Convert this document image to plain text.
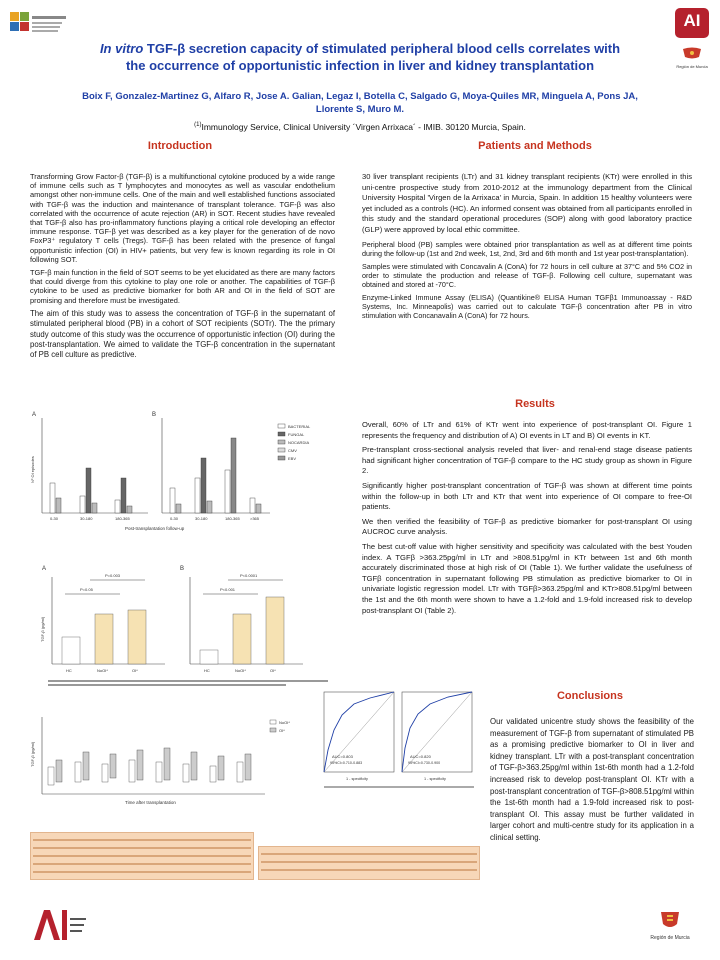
AI
Región de Murcia
In vitro TGF-β secretion capacity of stimulated peripheral blood cells correlates with
the occurrence of opportunistic infection in liver and kidney transplantation
Boix F, Gonzalez-Martinez G, Alfaro R, Jose A. Galian, Legaz I, Botella C, Salgado G, Moya-Quiles MR, Minguela A, Pons JA,
Llorente S, Muro M.
$^{(1)}$Immunology Service, Clinical University ´Virgen Arrixaca´ - IMIB. 30120 Murcia, Spain.
Introduction

Transforming Grow Factor-β (TGF-β) is a multifunctional cytokine produced by a wide range of immune cells such as T lymphocytes and monocytes as well as vascular endothelium amongst other non-immune cells. One of the main and well established functions associated with TGF-β was the induction and maintenance of transplant tolerance. TGF-β was also correlated with the occurrence of acute rejection (AR) in SOT. Recent studies have revealed that TGF-β also has pro-inflammatory functions playing a critical role developing an effector immune response. TGF-β yet was described as a key player for the generation of de novo FoxP3⁺ regulatory T cells (Tregs). TGF-β has been related with the presence of fungal opportunistic infection (OI) in HIV+ patients, but very few is known regarding its role in OI following SOT.

TGF-β main function in the field of SOT seems to be yet elucidated as there are many factors that could diverge from this cytokine to play one role or another. The capabilities of TGF-β cytokine to be used as predictive biomarker for both AR and OI in the field of SOT are promising and therefore must be investigated.

The aim of this study was to assess the concentration of TGF-β in the supernatant of stimulated peripheral blood (PB) in a cohort of SOT recipients (SOTr). The the primary study outcome of this study was the occurrence of opportunistic infection (OI) during the post-transplantation. We aimed to validate the TGF-β concentration in the supernatant of PB cell culture as predictive.

Patients and Methods

30 liver transplant recipients (LTr) and 31 kidney transplant recipients (KTr) were enrolled in this uni-centre prospective study from 2010-2012 at the immunology department from the Clinical University Hospital 'Virgen de la Arrixaca' in Murcia, Spain. In addition 15 healthy volunteers were yet included as a controls (HC). An informed consent was obtained from all participants enrolled in this study and the standard operational procedures (SOP) along with good laboratory practice (GLP) were approved by local ethic committee.

Peripheral blood (PB) samples were obtained prior transplantation as well as at different time points during the follow-up (1st and 2nd week, 1st, 2nd, 3rd and 6th month and 1st year post-transplantation).

Samples were stimulated with Concavalin A (ConA) for 72 hours in cell culture at 37°C and 5% CO2 in order to stimulate the production and release of TGF-β. Following cell culture, supernatant was obtained and stored at -70°C.

Enzyme-Linked Immune Assay (ELISA) (Quantikine® ELISA Human TGFβ1 Immunoassay - R&D Systems, Inc. Minneapolis) was carried out to calculate TGF-β concentration after PB in vitro stimulation with Concanavalin A (ConA) for 72 hours.

Results

Overall, 60% of LTr and 61% of KTr went into experience of post-transplant OI. Figure 1 represents the frequency and distribution of A) OI events in LT and B) OI events in KT.

Pre-transplant cross-sectional analysis reveled that liver- and renal-end stage disease patients had significant higher concentration of TGF-β compare to the HC study group as shown in Figure 2.

Significantly higher post-transplant concentration of TGF-β was shown at different time points within the follow-up in both LTr and KTr that went into experience of OI compare to free-OI patients.

We then verified the feasibility of TGF-β as predictive biomarker for post-transplant OI using AUCROC curve analysis.

The best cut-off value with higher sensitivity and specificity was calculated with the best Youden index. A TGFβ >363.25pg/ml in LTr and >808.51pg/ml in KTr between 1st and 6th month accurately discriminated those at high risk of OI (Table 1). We further validate the usefulness of TGFβ concentration in supernatant following PB stimulation as predictive biomarker to OI in univariate logistic regression model. LTr with TGFβ>363.25pg/ml and KTr>808.51pg/ml between the 1st and the 6th month were shown to have a 1.2-fold and 1.9-fold increased risk to develop post-transplant OI (Table 2).

A	B
Nº OI episodes
0-30	30-180	180-365	0-30	30-180	180-365	>365
Post-transplantation follow-up
BACTERIAL
FUNGAL
NOCARDIA
CMV
EBV
A	B
TGF-β (pg/ml)
P=0.003
P=0.05
HC	NoOI*	OI*
P<0.0001
P<0.001
HC	NoOI*	OI*
TGF-β (pg/ml)
NoOI*
OI*
Time after transplantation
AUC=0.803
95%CI=0.710-0.883
AUC=0.820
95%CI=0.730-0.900
1 - specificity	1 - specificity
Conclusions
Our validated unicentre study shows the feasibility of the measurement of TGF-β from supernatant of stimulated PB as a promising predictive biomarker to OI in liver and kidney transplant. LTr with a post-transplant concentration of TGF-β>363.25pg/ml within 1st-6th month had a 1.2-fold increased risk to develop post-transplant OI. KTr with a post-transplant concentration of TGF-β>808.51pg/ml within the 1st-6th month had a 1.9-fold increased risk to post-transplant OI. This assay must be further validated in larger cohort and multi-centre study for its application in a clinical setting.
Región de Murcia
